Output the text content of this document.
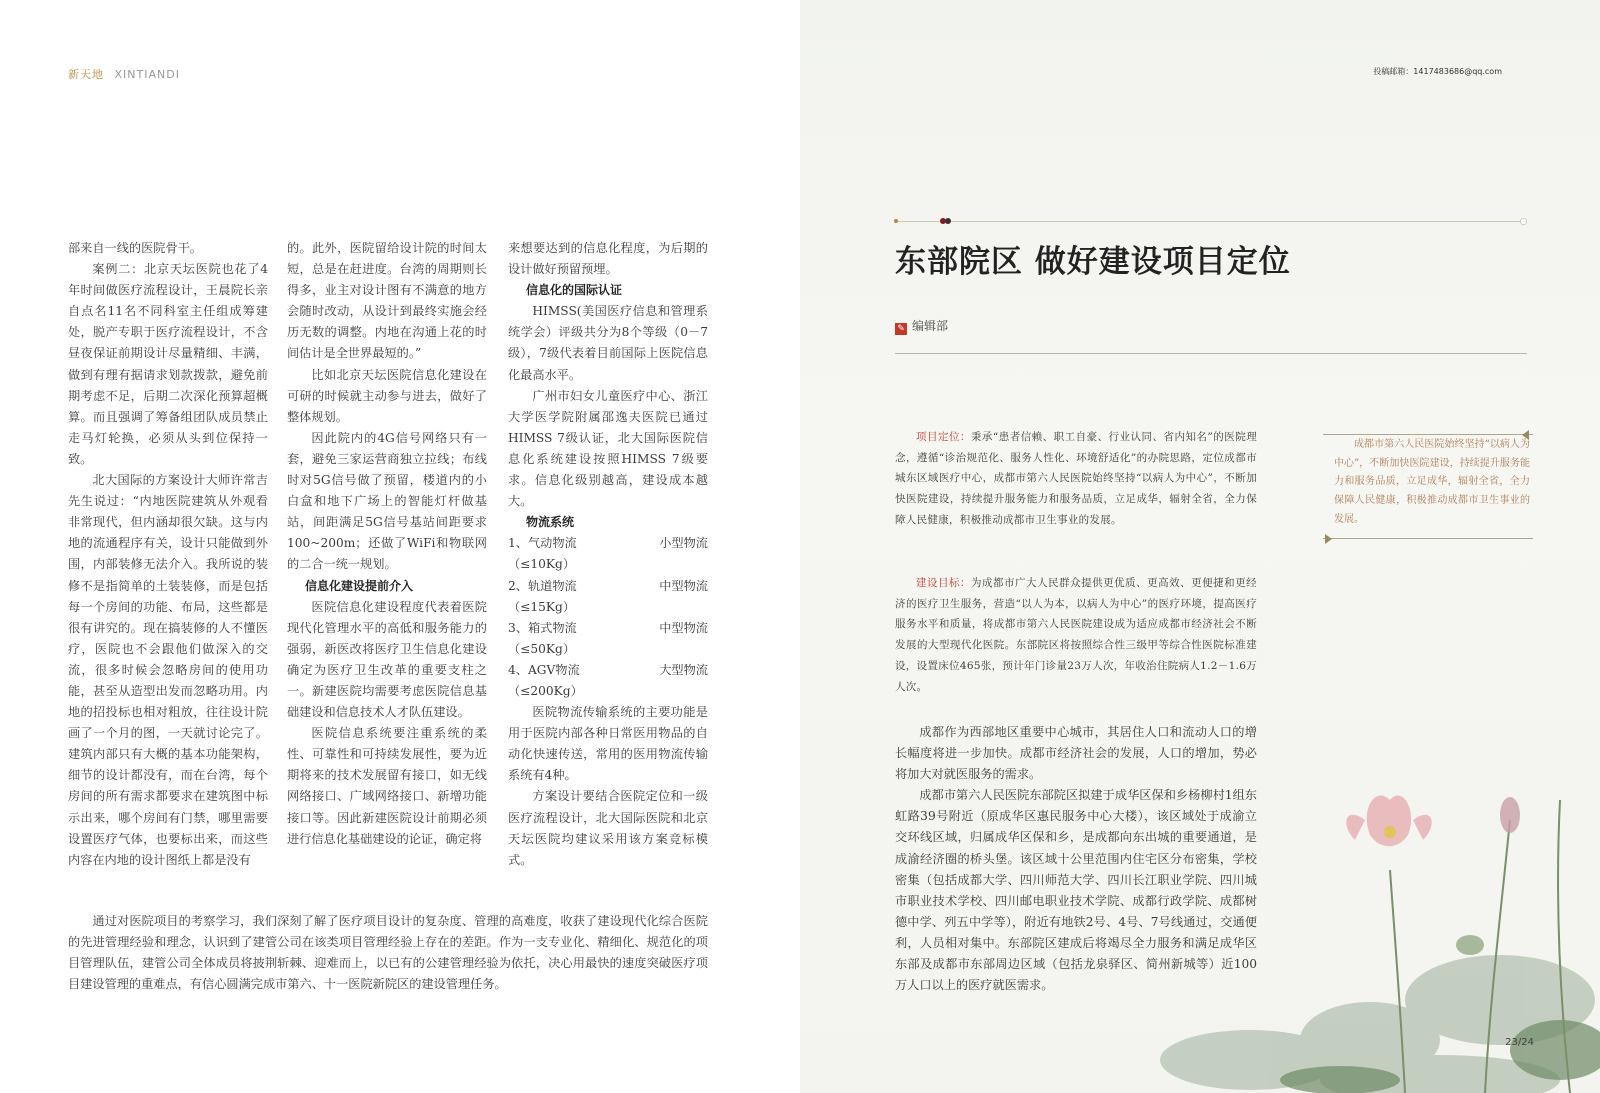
新天地 XINTIANDI

部来自一线的医院骨干。

案例二：北京天坛医院也花了4年时间做医疗流程设计，王晨院长亲自点名11名不同科室主任组成筹建处，脱产专职于医疗流程设计，不含昼夜保证前期设计尽量精细、丰满，做到有理有据请求划款拨款，避免前期考虑不足，后期二次深化预算超概算。而且强调了筹备组团队成员禁止走马灯轮换，必须从头到位保持一致。

北大国际的方案设计大师许常吉先生说过：“内地医院建筑从外观看非常现代，但内涵却很欠缺。这与内地的流通程序有关，设计只能做到外围，内部装修无法介入。我所说的装修不是指简单的土装装修，而是包括每一个房间的功能、布局，这些都是很有讲究的。现在搞装修的人不懂医疗，医院也不会跟他们做深入的交流，很多时候会忽略房间的使用功能，甚至从造型出发而忽略功用。内地的招投标也相对粗放，往往设计院画了一个月的图，一天就讨论完了。建筑内部只有大概的基本功能架构，细节的设计都没有，而在台湾，每个房间的所有需求都要求在建筑图中标示出来，哪个房间有门禁，哪里需要设置医疗气体，也要标出来，而这些内容在内地的设计图纸上都是没有

的。此外，医院留给设计院的时间太短，总是在赶进度。台湾的周期则长得多，业主对设计图有不满意的地方会随时改动，从设计到最终实施会经历无数的调整。内地在沟通上花的时间估计是全世界最短的。”

比如北京天坛医院信息化建设在可研的时候就主动参与进去，做好了整体规划。

因此院内的4G信号网络只有一套，避免三家运营商独立拉线；布线时对5G信号做了预留，楼道内的小白盒和地下广场上的智能灯杆做基站，间距满足5G信号基站间距要求100~200m；还做了WiFi和物联网的二合一统一规划。

信息化建设提前介入

医院信息化建设程度代表着医院现代化管理水平的高低和服务能力的强弱，新医改将医疗卫生信息化建设确定为医疗卫生改革的重要支柱之一。新建医院均需要考虑医院信息基础建设和信息技术人才队伍建设。

医院信息系统要注重系统的柔性、可靠性和可持续发展性，要为近期将来的技术发展留有接口，如无线网络接口、广域网络接口、新增功能接口等。因此新建医院设计前期必须进行信息化基础建设的论证，确定将

来想要达到的信息化程度，为后期的设计做好预留预埋。

信息化的国际认证

HIMSS(美国医疗信息和管理系统学会）评级共分为8个等级（0－7级），7级代表着目前国际上医院信息化最高水平。

广州市妇女儿童医疗中心、浙江大学医学院附属邵逸夫医院已通过HIMSS 7级认证，北大国际医院信息化系统建设按照HIMSS 7级要求。信息化级别越高，建设成本越大。

物流系统

1、气动物流	小型物流

（≤10Kg）

2、轨道物流	中型物流

（≤15Kg）

3、箱式物流	中型物流

（≤50Kg）

4、AGV物流	大型物流

（≤200Kg）

医院物流传输系统的主要功能是用于医院内部各种日常医用物品的自动化快速传送，常用的医用物流传输系统有4种。

方案设计要结合医院定位和一级医疗流程设计，北大国际医院和北京天坛医院均建议采用该方案竞标模式。

通过对医院项目的考察学习，我们深刻了解了医疗项目设计的复杂度、管理的高难度，收获了建设现代化综合医院的先进管理经验和理念，认识到了建管公司在该类项目管理经验上存在的差距。作为一支专业化、精细化、规范化的项目管理队伍，建管公司全体成员将披荆斩棘、迎难而上，以已有的公建管理经验为依托，决心用最快的速度突破医疗项目建设管理的重难点，有信心圆满完成市第六、十一医院新院区的建设管理任务。

投稿邮箱：1417483686@qq.com
东部院区 做好建设项目定位
✎ 编辑部

项目定位：秉承“患者信赖、职工自豪、行业认同、省内知名”的医院理念，遵循“诊治规范化、服务人性化、环境舒适化”的办院思路，定位成都市城东区域医疗中心，成都市第六人民医院始终坚持“以病人为中心”，不断加快医院建设，持续提升服务能力和服务品质，立足成华，辐射全省，全力保障人民健康，积极推动成都市卫生事业的发展。

建设目标：为成都市广大人民群众提供更优质、更高效、更便捷和更经济的医疗卫生服务，营造“以人为本，以病人为中心”的医疗环境，提高医疗服务水平和质量，将成都市第六人民医院建设成为适应成都市经济社会不断发展的大型现代化医院。东部院区将按照综合性三级甲等综合性医院标准建设，设置床位465张，预计年门诊量23万人次，年收治住院病人1.2－1.6万人次。

成都作为西部地区重要中心城市，其居住人口和流动人口的增长幅度将进一步加快。成都市经济社会的发展，人口的增加，势必将加大对就医服务的需求。

成都市第六人民医院东部院区拟建于成华区保和乡杨柳村1组东虹路39号附近（原成华区惠民服务中心大楼），该区域处于成渝立交环线区域，归属成华区保和乡，是成都向东出城的重要通道，是成渝经济圈的桥头堡。该区域十公里范围内住宅区分布密集，学校密集（包括成都大学、四川师范大学、四川长江职业学院、四川城市职业技术学校、四川邮电职业技术学院、成都行政学院、成都树德中学、列五中学等），附近有地铁2号、4号、7号线通过，交通便利，人员相对集中。东部院区建成后将竭尽全力服务和满足成华区东部及成都市东部周边区域（包括龙泉驿区、简州新城等）近100万人口以上的医疗就医需求。

成都市第六人民医院始终坚持“以病人为中心”，不断加快医院建设，持续提升服务能力和服务品质，立足成华，辐射全省，全力保障人民健康，积极推动成都市卫生事业的发展。
23/24
